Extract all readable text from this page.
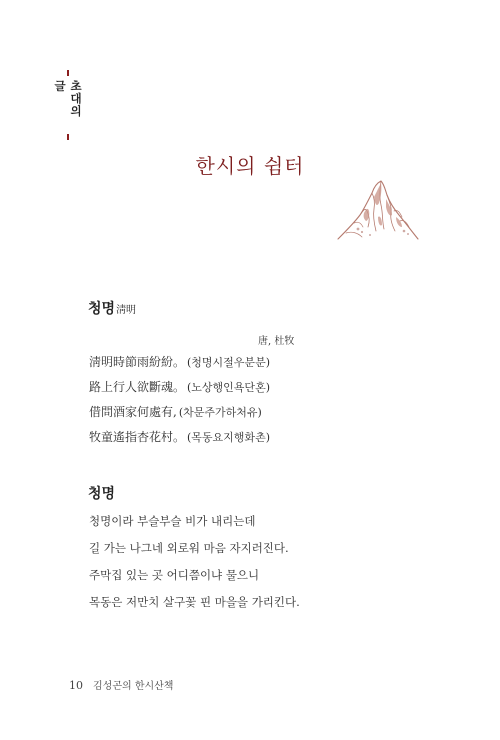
초대의 글
한시의 쉼터
청명淸明
唐, 杜牧
淸明時節雨紛紛。 (청명시절우분분)
路上行人欲斷魂。 (노상행인욕단혼)
借問酒家何處有, (차문주가하처유)
牧童遙指杏花村。 (목동요지행화촌)
청명
청명이라 부슬부슬 비가 내리는데
길 가는 나그네 외로워 마음 자지러진다.
주막집 있는 곳 어디쯤이냐 물으니
목동은 저만치 살구꽃 핀 마을을 가리킨다.
10 김성곤의 한시산책
